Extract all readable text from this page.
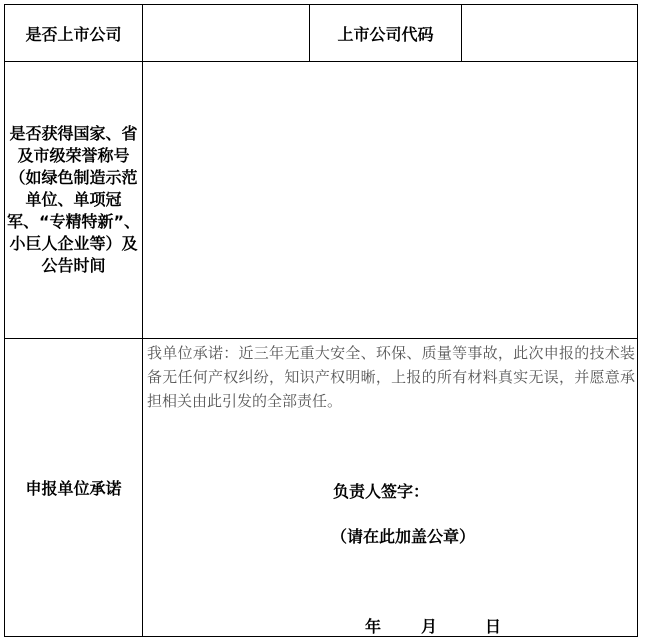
是否上市公司		上市公司代码	
是否获得国家、省及市级荣誉称号（如绿色制造示范单位、单项冠军、“专精特新”、小巨人企业等）及公告时间			
申报单位承诺	我单位承诺：近三年无重大安全、环保、质量等事故，此次申报的技术装备无任何产权纠纷，知识产权明晰，上报的所有材料真实无误，并愿意承担相关由此引发的全部责任。
负责人签字：
（请在此加盖公章）
年 月 日		
